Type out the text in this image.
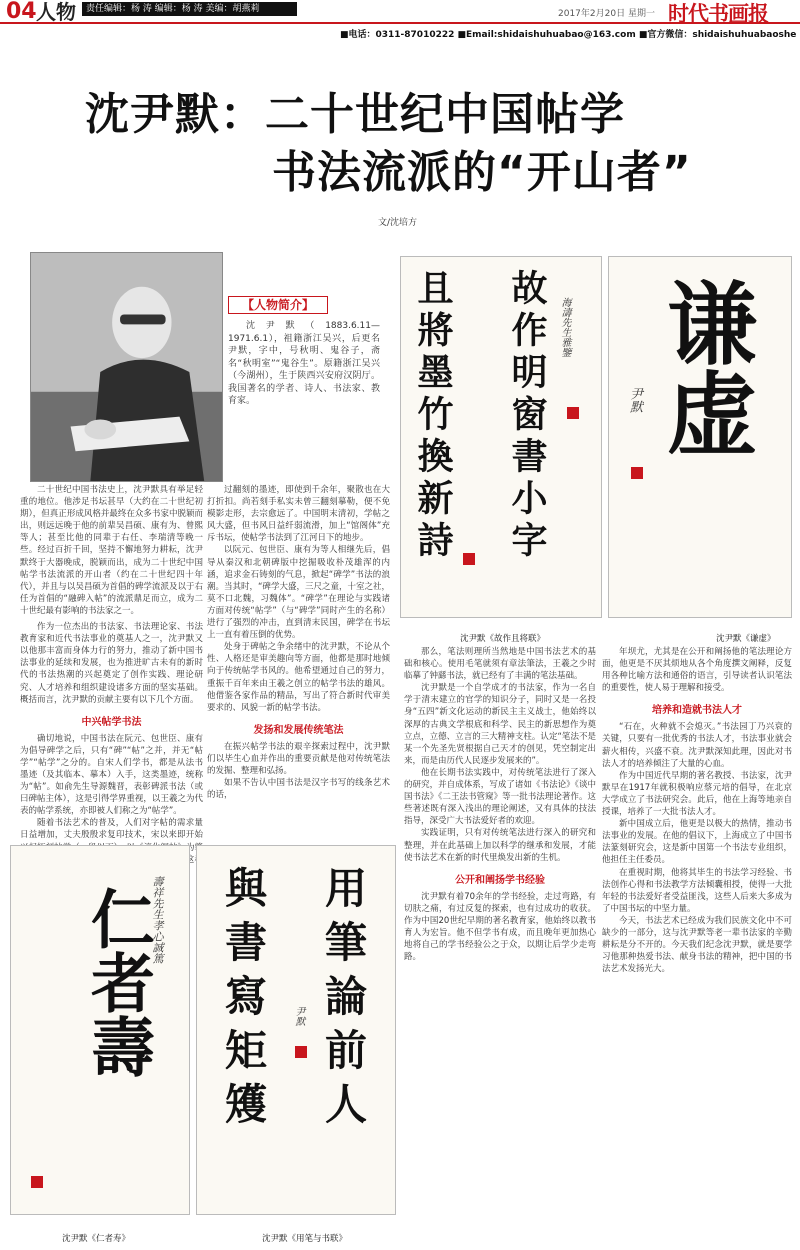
04 人物	责任编辑：杨 涛 编辑：杨 涛 美编：胡燕莉	2017年2月20日 星期一 时代书画报
■电话：0311-87010222 ■Email:shidaishuhuabao@163.com ■官方微信：shidaishuhuabaoshe
沈尹默：二十世纪中国帖学
书法流派的“开山者”
文/沈培方
【人物简介】
沈尹默（1883.6.11—1971.6.1），祖籍浙江吴兴，后更名尹默，字中，号秋明、鬼谷子，斋名“秋明室”“鬼谷生”。原籍浙江吴兴（今湖州），生于陕西兴安府汉阴厅。我国著名的学者、诗人、书法家、教育家。

二十世纪中国书法史上，沈尹默具有举足轻重的地位。他涉足书坛甚早（大约在二十世纪初期），但真正形成风格并最终在众多书家中脱颖而出，则远远晚于他的前辈吴昌硕、康有为、曾熙等人；甚至比他的同辈于右任、李瑞清等晚一些。经过百折千回，坚持不懈地努力耕耘，沈尹默终于大器晚成，脱颖而出，成为二十世纪中国帖学书法流派的开山者（约在二十世纪四十年代），并且与以吴昌硕为首倡的碑学流派及以于右任为首倡的“融碑入帖”的流派鼎足而立，成为二十世纪最有影响的书法家之一。

作为一位杰出的书法家、书法理论家、书法教育家和近代书法事业的奠基人之一，沈尹默又以他那丰富而身体力行的努力，推动了新中国书法事业的延续和发展，也为推进旷古未有的新时代的书法热潮的兴起奠定了创作实践、理论研究、人才培养和组织建设诸多方面的坚实基础。概括而言，沈尹默的贡献主要有以下几个方面。

中兴帖学书法

确切地说，中国书法在阮元、包世臣、康有为倡导碑学之后，只有“碑”“帖”之并，并无“帖学”“帖学”之分的。自宋人们学书，都是从法书墨迹（及其临本、摹本）入手，这类墨迹，统称为“帖”。如俞先生导源魏晋，表彰碑派书法（或曰碑帖主体），这是引得学界重视，以王羲之为代表的帖学系统，亦即被人们称之为“帖学”。

随着书法艺术的普及，人们对字帖的需求量日益增加，丈夫殷殷求复印技术，宋以来即开始 为 这

过翻刻的墨迹，即使到千余年，聚散也在大打折扣。尚若刻手私实未曾三翻刻摹勒，便不免模影走形，去宗愈远了。中国明末清初，学帖之风大盛，但书风日益纤弱流滑，加上“馆阁体”充斥书坛，使帖学书法到了江河日下的地步。

以阮元、包世臣、康有为等人相继先后，倡导从秦汉和北朝碑版中挖掘吸收朴茂雄浑的内涵，追求金石铸刻的气息，掀起“碑学”书法的浪潮。当其时，“碑学大盛，三尺之童，十室之社，莫不口北魏，习魏体”。“碑学”在理论与实践诸方面对传统“帖学”（与“碑学”同时产生的名称）进行了强烈的冲击，直到清末民国，碑学在书坛上一直有着压倒的优势。

处身于碑帖之争余绪中的沈尹默，不论从个性、人格还是审美趣向等方面，他都是那时地倾向于传统帖学书风的。他希望通过自己的努力，重振千百年来由王羲之创立的帖学书法的雄风。他借鉴各家作品的精品，写出了符合新时代审美要求的、风貌一新的帖学书法。

发扬和发展传统笔法

在振兴帖学书法的艰辛探索过程中，沈尹默们以毕生心血并作出的重要贡献是他对传统笔法的发掘、整理和弘扬。

如果不告认中国书法是汉字书写的线条艺术的话，

且將墨竹換新詩 故作明窗書小字 海濤先生雅鑒
沈尹默《故作且将联》
谦虚
尹默
沈尹默《谦虚》

那么，笔法则理所当然地是中国书法艺术的基础和核心。使用毛笔就须有章法筆法，王羲之少时临摹了钟繇书法，就已经有了丰满的笔法基础。

沈尹默是一个自学成才的书法家，作为一名自学于清末建立的官学的知识分子，同时又是一名投身“五四”新文化运动的新民主主义战士，他始终以深厚的古典文学根底和科学、民主的新思想作为奠立点，立德、立言的三大精神支柱。认定“笔法不是某一个先圣先贤根据自己天才的创见，凭空制定出来，而是由历代人民逐步发展来的”。

他在长期书法实践中，对传统笔法进行了深入的研究，并自成体系，写成了诸如《书法论》《谈中国书法》《二王法书管窥》等一批书法理论著作。这些著述既有深入浅出的理论阐述，又有具体的技法指导，深受广大书法爱好者的欢迎。

实践证明，只有对传统笔法进行深入的研究和整理，并在此基础上加以科学的继承和发展，才能使书法艺术在新的时代里焕发出新的生机。

公开和阐扬学书经验

沈尹默有着70余年的学书经验，走过弯路，有切肤之痛，有过反复的探索，也有过成功的收获。作为中国20世纪早期的著名教育家，他始终以教书育人为宏旨。他不但学书有成，而且晚年更加热心地将自己的学书经验公之于众，以期让后学少走弯路。

年坝尤，尤其是在公开和阐扬他的笔法理论方面，他更是不厌其烦地从各个角度撰文阐释，反复用各种比喻方法和通俗的语言，引导读者认识笔法的重要性，使人易于理解和接受。

培养和造就书法人才

“石在，火种就不会熄灭。”书法园丁乃兴衰的关键，只要有一批优秀的书法人才，书法事业就会薪火相传，兴盛不衰。沈尹默深知此理，因此对书法人才的培养倾注了大量的心血。

作为中国近代早期的著名教授、书法家，沈尹默早在1917年就积极响应蔡元培的倡导，在北京大学成立了书法研究会。此后，他在上海等地亲自授课，培养了一大批书法人才。

新中国成立后，他更是以极大的热情，推动书法事业的发展。在他的倡议下，上海成立了中国书法篆刻研究会，这是新中国第一个书法专业组织，他担任主任委员。

在重视时期，他将其毕生的书法学习经验、书法创作心得和书法教学方法倾囊相授，使得一大批年轻的书法爱好者受益匪浅，这些人后来大多成为了中国书坛的中坚力量。

今天，书法艺术已经成为我们民族文化中不可缺少的一部分，这与沈尹默等老一辈书法家的辛勤耕耘是分不开的。今天我们纪念沈尹默，就是要学习他那种热爱书法、献身书法的精神，把中国的书法艺术发扬光大。

仁者壽
壽祥先生孝心誠篤
沈尹默《仁者寿》
與書寫矩矱 用筆論前人
尹默
沈尹默《用笔与书联》
